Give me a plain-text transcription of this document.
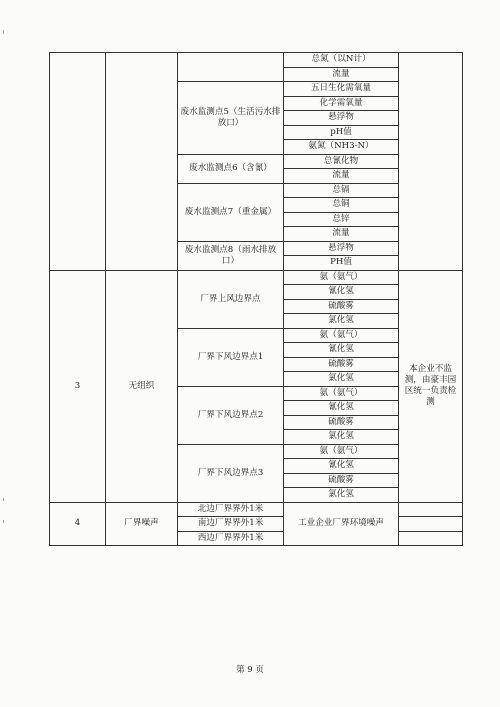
			总氮（以N计）	
			流量	
		废水监测点5（生活污水排放口）	五日生化需氧量	
			化学需氧量	
			悬浮物	
			pH值	
			氨氮（NH3-N）	
		废水监测点6（含氰）	总氰化物	
			流量	
		废水监测点7（重金属）	总镉	
			总铜	
			总锌	
			流量	
		废水监测点8（雨水排放口）	悬浮物	
			PH值	
3	无组织	厂界上风边界点	氨（氨气）	本企业不监测，由豪丰园区统一负责检测
			氰化氢	
			硫酸雾	
			氯化氢	
		厂界下风边界点1	氨（氨气）	
			氰化氢	
			硫酸雾	
			氯化氢	
		厂界下风边界点2	氨（氨气）	
			氰化氢	
			硫酸雾	
			氯化氢	
		厂界下风边界点3	氨（氨气）	
			氰化氢	
			硫酸雾	
			氯化氢	
4	厂界噪声	北边厂界界外1米	工业企业厂界环境噪声	
		南边厂界界外1米		
		西边厂界界外1米		
第 9 页
